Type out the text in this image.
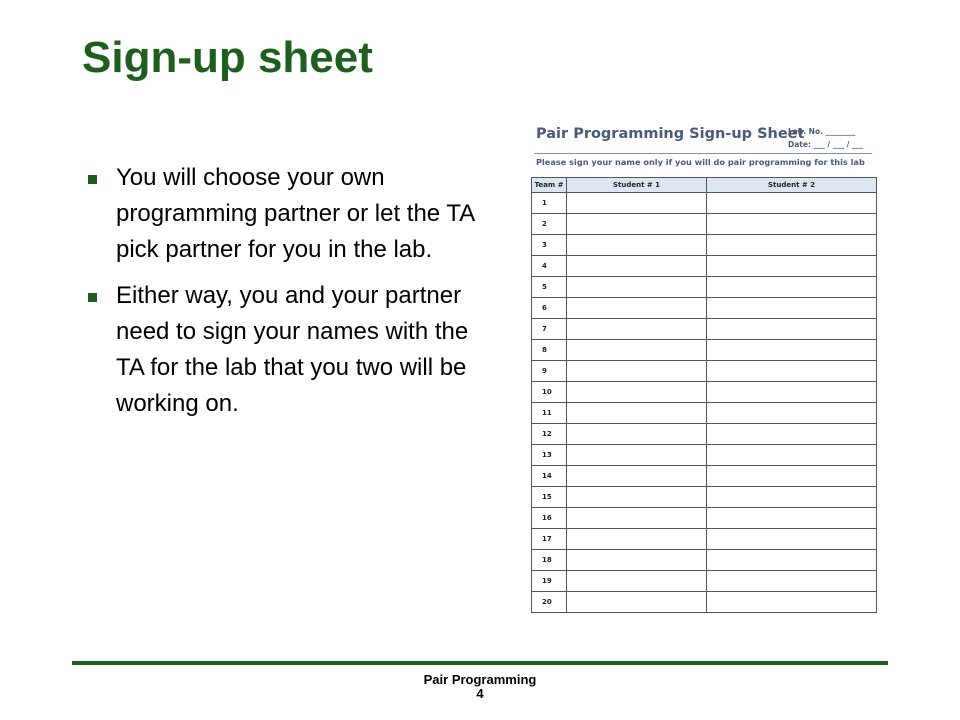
Sign-up sheet
You will choose your own programming partner or let the TA pick partner for you in the lab.
Either way, you and your partner need to sign your names with the TA for the lab that you two will be working on.
Pair Programming Sign-up Sheet
Lab. No. ________
Date: ___ / ___ / ___
Please sign your name only if you will do pair programming for this lab
Team #	Student # 1	Student # 2
1		
2		
3		
4		
5		
6		
7		
8		
9		
10		
11		
12		
13		
14		
15		
16		
17		
18		
19		
20		
Pair Programming
4
